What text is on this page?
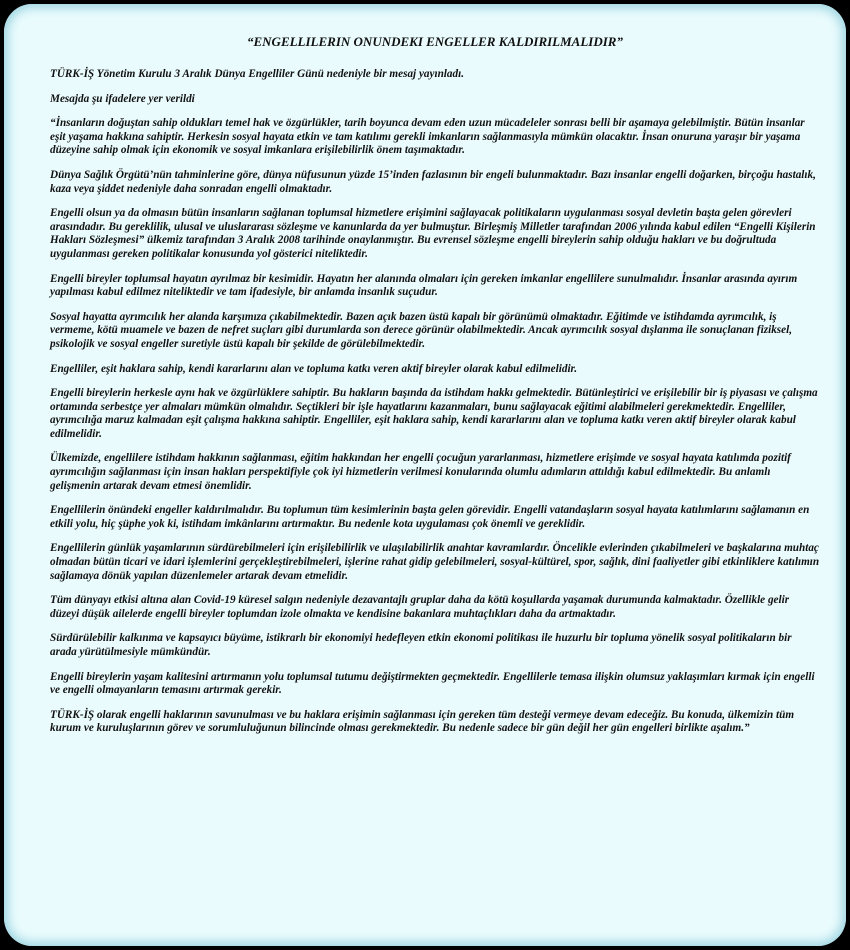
“ENGELLILERIN ONUNDEKI ENGELLER KALDIRILMALIDIR”

TÜRK-İŞ Yönetim Kurulu 3 Aralık Dünya Engelliler Günü nedeniyle bir mesaj yayınladı.

Mesajda şu ifadelere yer verildi

“İnsanların doğuştan sahip oldukları temel hak ve özgürlükler, tarih boyunca devam eden uzun mücadeleler sonrası belli bir aşamaya gelebilmiştir. Bütün insanlar eşit yaşama hakkına sahiptir. Herkesin sosyal hayata etkin ve tam katılımı gerekli imkanların sağlanmasıyla mümkün olacaktır. İnsan onuruna yaraşır bir yaşama düzeyine sahip olmak için ekonomik ve sosyal imkanlara erişilebilirlik önem taşımaktadır.

Dünya Sağlık Örgütü’nün tahminlerine göre, dünya nüfusunun yüzde 15’inden fazlasının bir engeli bulunmaktadır. Bazı insanlar engelli doğarken, birçoğu hastalık, kaza veya şiddet nedeniyle daha sonradan engelli olmaktadır.

Engelli olsun ya da olmasın bütün insanların sağlanan toplumsal hizmetlere erişimini sağlayacak politikaların uygulanması sosyal devletin başta gelen görevleri arasındadır. Bu gereklilik, ulusal ve uluslararası sözleşme ve kanunlarda da yer bulmuştur. Birleşmiş Milletler tarafından 2006 yılında kabul edilen “Engelli Kişilerin Hakları Sözleşmesi” ülkemiz tarafından 3 Aralık 2008 tarihinde onaylanmıştır. Bu evrensel sözleşme engelli bireylerin sahip olduğu hakları ve bu doğrultuda uygulanması gereken politikalar konusunda yol gösterici niteliktedir.

Engelli bireyler toplumsal hayatın ayrılmaz bir kesimidir. Hayatın her alanında olmaları için gereken imkanlar engellilere sunulmalıdır. İnsanlar arasında ayırım yapılması kabul edilmez niteliktedir ve tam ifadesiyle, bir anlamda insanlık suçudur.

Sosyal hayatta ayrımcılık her alanda karşımıza çıkabilmektedir. Bazen açık bazen üstü kapalı bir görünümü olmaktadır. Eğitimde ve istihdamda ayrımcılık, iş vermeme, kötü muamele ve bazen de nefret suçları gibi durumlarda son derece görünür olabilmektedir. Ancak ayrımcılık sosyal dışlanma ile sonuçlanan fiziksel, psikolojik ve sosyal engeller suretiyle üstü kapalı bir şekilde de görülebilmektedir.

Engelliler, eşit haklara sahip, kendi kararlarını alan ve topluma katkı veren aktif bireyler olarak kabul edilmelidir.

Engelli bireylerin herkesle aynı hak ve özgürlüklere sahiptir. Bu hakların başında da istihdam hakkı gelmektedir. Bütünleştirici ve erişilebilir bir iş piyasası ve çalışma ortamında serbestçe yer almaları mümkün olmalıdır. Seçtikleri bir işle hayatlarını kazanmaları, bunu sağlayacak eğitimi alabilmeleri gerekmektedir. Engelliler, ayrımcılığa maruz kalmadan eşit çalışma hakkına sahiptir. Engelliler, eşit haklara sahip, kendi kararlarını alan ve topluma katkı veren aktif bireyler olarak kabul edilmelidir.

Ülkemizde, engellilere istihdam hakkının sağlanması, eğitim hakkından her engelli çocuğun yararlanması, hizmetlere erişimde ve sosyal hayata katılımda pozitif ayrımcılığın sağlanması için insan hakları perspektifiyle çok iyi hizmetlerin verilmesi konularında olumlu adımların attıldığı kabul edilmektedir. Bu anlamlı gelişmenin artarak devam etmesi önemlidir.

Engellilerin önündeki engeller kaldırılmalıdır. Bu toplumun tüm kesimlerinin başta gelen görevidir. Engelli vatandaşların sosyal hayata katılımlarını sağlamanın en etkili yolu, hiç şüphe yok ki, istihdam imkânlarını artırmaktır. Bu nedenle kota uygulaması çok önemli ve gereklidir.

Engellilerin günlük yaşamlarının sürdürebilmeleri için erişilebilirlik ve ulaşılabilirlik anahtar kavramlardır. Öncelikle evlerinden çıkabilmeleri ve başkalarına muhtaç olmadan bütün ticari ve idari işlemlerini gerçekleştirebilmeleri, işlerine rahat gidip gelebilmeleri, sosyal-kültürel, spor, sağlık, dini faaliyetler gibi etkinliklere katılımın sağlamaya dönük yapılan düzenlemeler artarak devam etmelidir.

Tüm dünyayı etkisi altına alan Covid-19 küresel salgın nedeniyle dezavantajlı gruplar daha da kötü koşullarda yaşamak durumunda kalmaktadır. Özellikle gelir düzeyi düşük ailelerde engelli bireyler toplumdan izole olmakta ve kendisine bakanlara muhtaçlıkları daha da artmaktadır.

Sürdürülebilir kalkınma ve kapsayıcı büyüme, istikrarlı bir ekonomiyi hedefleyen etkin ekonomi politikası ile huzurlu bir topluma yönelik sosyal politikaların bir arada yürütülmesiyle mümkündür.

Engelli bireylerin yaşam kalitesini artırmanın yolu toplumsal tutumu değiştirmekten geçmektedir. Engellilerle temasa ilişkin olumsuz yaklaşımları kırmak için engelli ve engelli olmayanların temasını artırmak gerekir.

TÜRK-İŞ olarak engelli haklarının savunulması ve bu haklara erişimin sağlanması için gereken tüm desteği vermeye devam edeceğiz. Bu konuda, ülkemizin tüm kurum ve kuruluşlarının görev ve sorumluluğunun bilincinde olması gerekmektedir. Bu nedenle sadece bir gün değil her gün engelleri birlikte aşalım.”
